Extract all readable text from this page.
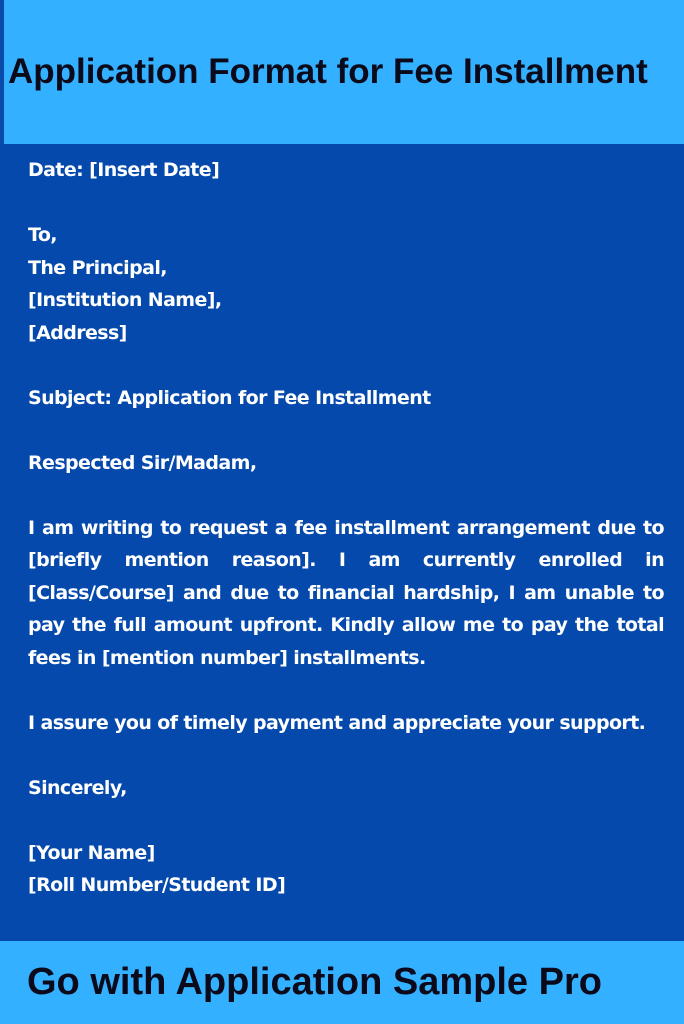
Application Format for Fee Installment
Date: [Insert Date]
To,
The Principal,
[Institution Name],
[Address]
Subject: Application for Fee Installment
Respected Sir/Madam,
I am writing to request a fee installment arrangement due to [briefly mention reason]. I am currently enrolled in [Class/Course] and due to financial hardship, I am unable to pay the full amount upfront. Kindly allow me to pay the total fees in [mention number] installments.
I assure you of timely payment and appreciate your support.
Sincerely,
[Your Name]
[Roll Number/Student ID]

Go with Application Sample Pro
